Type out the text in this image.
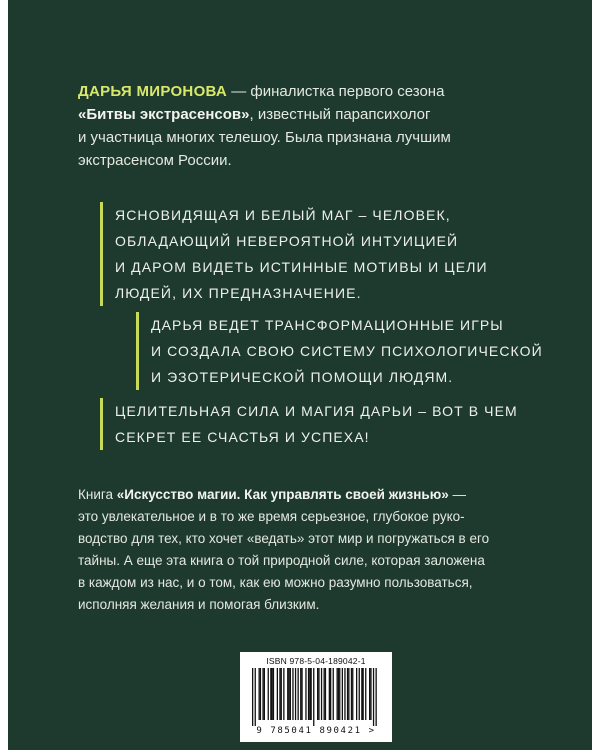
ДАРЬЯ МИРОНОВА — финалистка первого сезона
«Битвы экстрасенсов», известный парапсихолог
и участница многих телешоу. Была признана лучшим
экстрасенсом России.
ЯСНОВИДЯЩАЯ И БЕЛЫЙ МАГ – ЧЕЛОВЕК,
ОБЛАДАЮЩИЙ НЕВЕРОЯТНОЙ ИНТУИЦИЕЙ
И ДАРОМ ВИДЕТЬ ИСТИННЫЕ МОТИВЫ И ЦЕЛИ
ЛЮДЕЙ, ИХ ПРЕДНАЗНАЧЕНИЕ.
ДАРЬЯ ВЕДЕТ ТРАНСФОРМАЦИОННЫЕ ИГРЫ
И СОЗДАЛА СВОЮ СИСТЕМУ ПСИХОЛОГИЧЕСКОЙ
И ЭЗОТЕРИЧЕСКОЙ ПОМОЩИ ЛЮДЯМ.
ЦЕЛИТЕЛЬНАЯ СИЛА И МАГИЯ ДАРЬИ – ВОТ В ЧЕМ
СЕКРЕТ ЕЕ СЧАСТЬЯ И УСПЕХА!
Книга «Искусство магии. Как управлять своей жизнью» —
это увлекательное и в то же время серьезное, глубокое руко-
водство для тех, кто хочет «ведать» этот мир и погружаться в его
тайны. А еще эта книга о той природной силе, которая заложена
в каждом из нас, и о том, как ею можно разумно пользоваться,
исполняя желания и помогая близким.
ISBN 978-5-04-189042-1
9 785041 890421 >
